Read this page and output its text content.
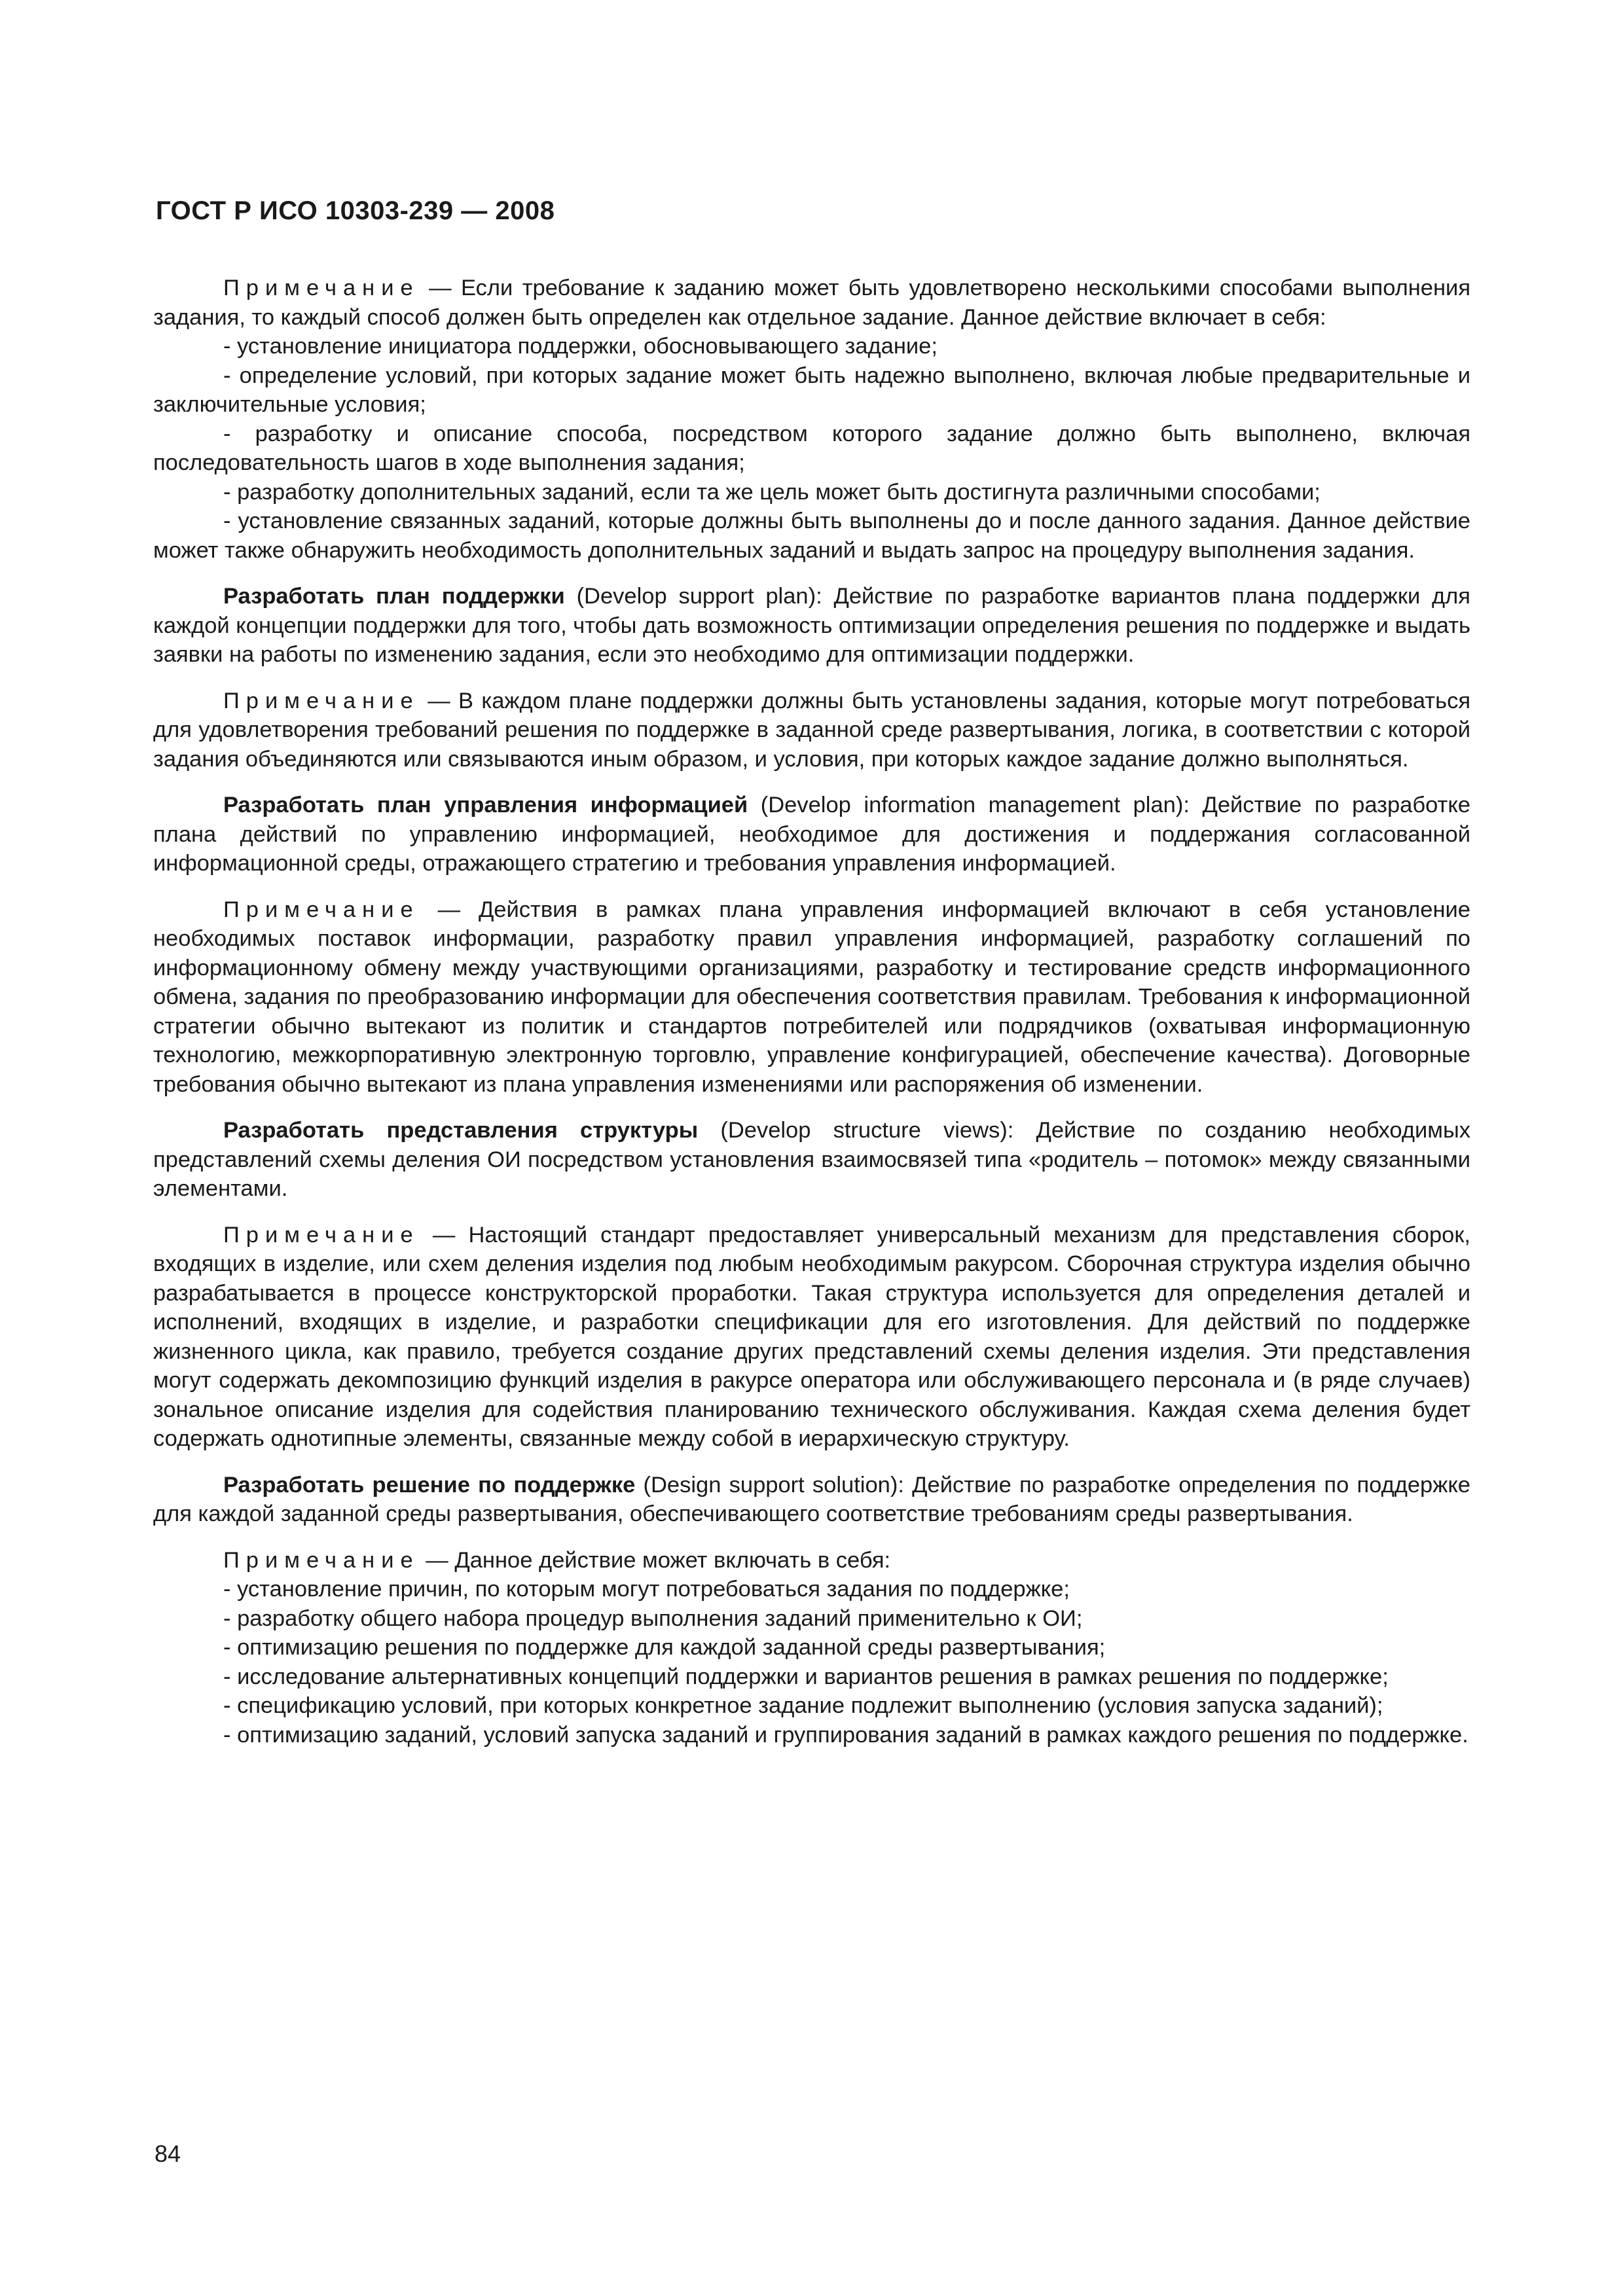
ГОСТ Р ИСО 10303-239 — 2008

Примечание — Если требование к заданию может быть удовлетворено несколькими способами выполнения задания, то каждый способ должен быть определен как отдельное задание. Данное действие включает в себя:

- установление инициатора поддержки, обосновывающего задание;

- определение условий, при которых задание может быть надежно выполнено, включая любые предварительные и заключительные условия;

- разработку и описание способа, посредством которого задание должно быть выполнено, включая последовательность шагов в ходе выполнения задания;

- разработку дополнительных заданий, если та же цель может быть достигнута различными способами;

- установление связанных заданий, которые должны быть выполнены до и после данного задания. Данное действие может также обнаружить необходимость дополнительных заданий и выдать запрос на процедуру выполнения задания.

Разработать план поддержки (Develop support plan): Действие по разработке вариантов плана поддержки для каждой концепции поддержки для того, чтобы дать возможность оптимизации определения решения по поддержке и выдать заявки на работы по изменению задания, если это необходимо для оптимизации поддержки.

Примечание — В каждом плане поддержки должны быть установлены задания, которые могут потребоваться для удовлетворения требований решения по поддержке в заданной среде развертывания, логика, в соответствии с которой задания объединяются или связываются иным образом, и условия, при которых каждое задание должно выполняться.

Разработать план управления информацией (Develop information management plan): Действие по разработке плана действий по управлению информацией, необходимое для достижения и поддержания согласованной информационной среды, отражающего стратегию и требования управления информацией.

Примечание — Действия в рамках плана управления информацией включают в себя установление необходимых поставок информации, разработку правил управления информацией, разработку соглашений по информационному обмену между участвующими организациями, разработку и тестирование средств информационного обмена, задания по преобразованию информации для обеспечения соответствия правилам. Требования к информационной стратегии обычно вытекают из политик и стандартов потребителей или подрядчиков (охватывая информационную технологию, межкорпоративную электронную торговлю, управление конфигурацией, обеспечение качества). Договорные требования обычно вытекают из плана управления изменениями или распоряжения об изменении.

Разработать представления структуры (Develop structure views): Действие по созданию необходимых представлений схемы деления ОИ посредством установления взаимосвязей типа «родитель – потомок» между связанными элементами.

Примечание — Настоящий стандарт предоставляет универсальный механизм для представления сборок, входящих в изделие, или схем деления изделия под любым необходимым ракурсом. Сборочная структура изделия обычно разрабатывается в процессе конструкторской проработки. Такая структура используется для определения деталей и исполнений, входящих в изделие, и разработки спецификации для его изготовления. Для действий по поддержке жизненного цикла, как правило, требуется создание других представлений схемы деления изделия. Эти представления могут содержать декомпозицию функций изделия в ракурсе оператора или обслуживающего персонала и (в ряде случаев) зональное описание изделия для содействия планированию технического обслуживания. Каждая схема деления будет содержать однотипные элементы, связанные между собой в иерархическую структуру.

Разработать решение по поддержке (Design support solution): Действие по разработке определения по поддержке для каждой заданной среды развертывания, обеспечивающего соответствие требованиям среды развертывания.

Примечание — Данное действие может включать в себя:

- установление причин, по которым могут потребоваться задания по поддержке;

- разработку общего набора процедур выполнения заданий применительно к ОИ;

- оптимизацию решения по поддержке для каждой заданной среды развертывания;

- исследование альтернативных концепций поддержки и вариантов решения в рамках решения по поддержке;

- спецификацию условий, при которых конкретное задание подлежит выполнению (условия запуска заданий);

- оптимизацию заданий, условий запуска заданий и группирования заданий в рамках каждого решения по поддержке.

84
